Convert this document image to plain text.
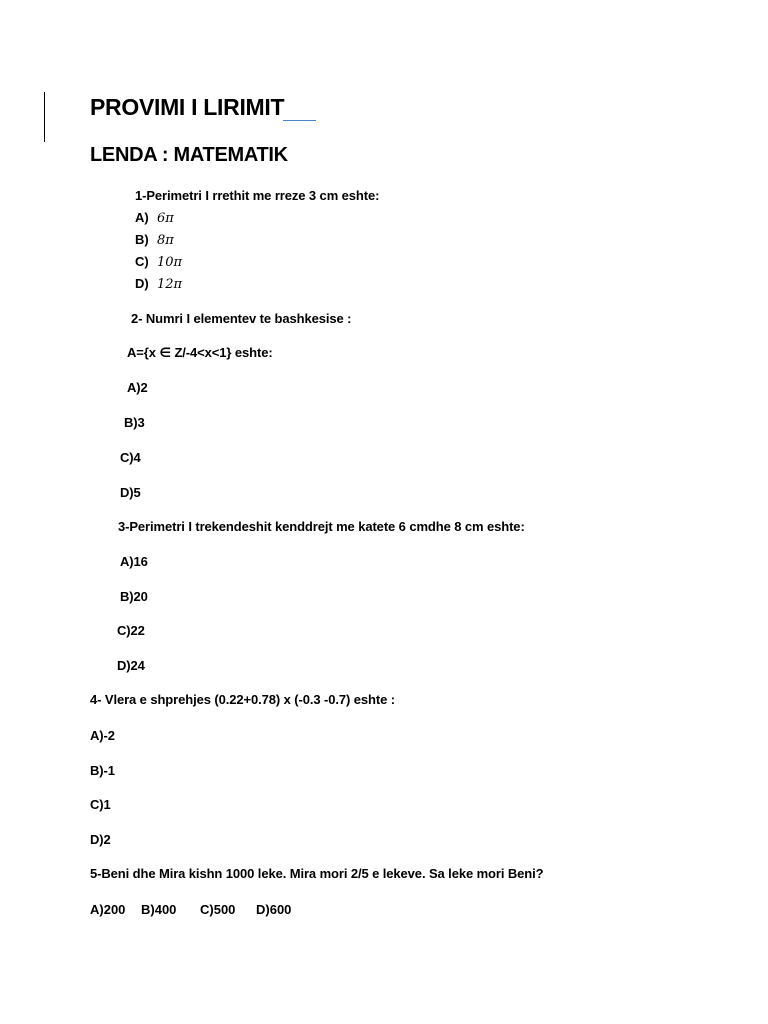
PROVIMI I LIRIMIT
LENDA : MATEMATIK
1-Perimetri I rrethit me rreze 3 cm eshte:
A) 6π
B) 8π
C) 10π
D) 12π
2- Numri I elementev te bashkesise :
A={x ∈ Z/-4<x<1} eshte:
A)2
B)3
C)4
D)5
3-Perimetri I trekendeshit kenddrejt me katete 6 cmdhe 8 cm eshte:
A)16
B)20
C)22
D)24
4- Vlera e shprehjes (0.22+0.78) x (-0.3 -0.7) eshte :
A)-2
B)-1
C)1
D)2
5-Beni dhe Mira kishn 1000 leke. Mira mori 2/5 e lekeve. Sa leke mori Beni?
A)200 B)400 C)500 D)600
